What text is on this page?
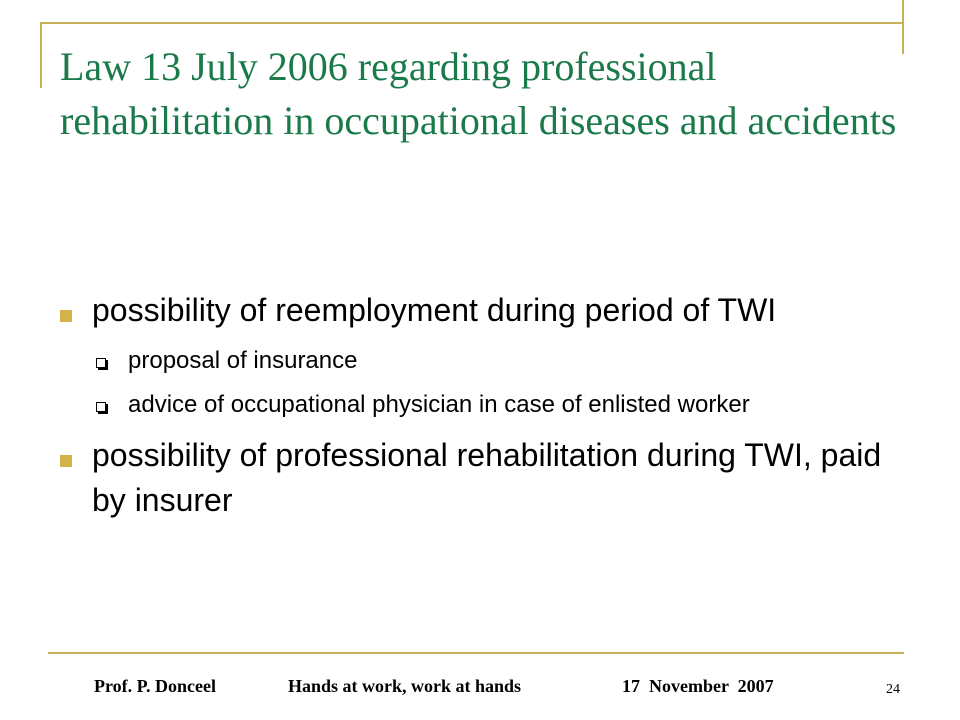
Law 13 July 2006 regarding professional rehabilitation in occupational diseases and accidents
possibility of reemployment during period of TWI
proposal of insurance
advice of occupational physician in case of enlisted worker
possibility of professional rehabilitation during TWI, paid by insurer
Prof. P. Donceel	Hands at work, work at hands	17  November  2007	24
